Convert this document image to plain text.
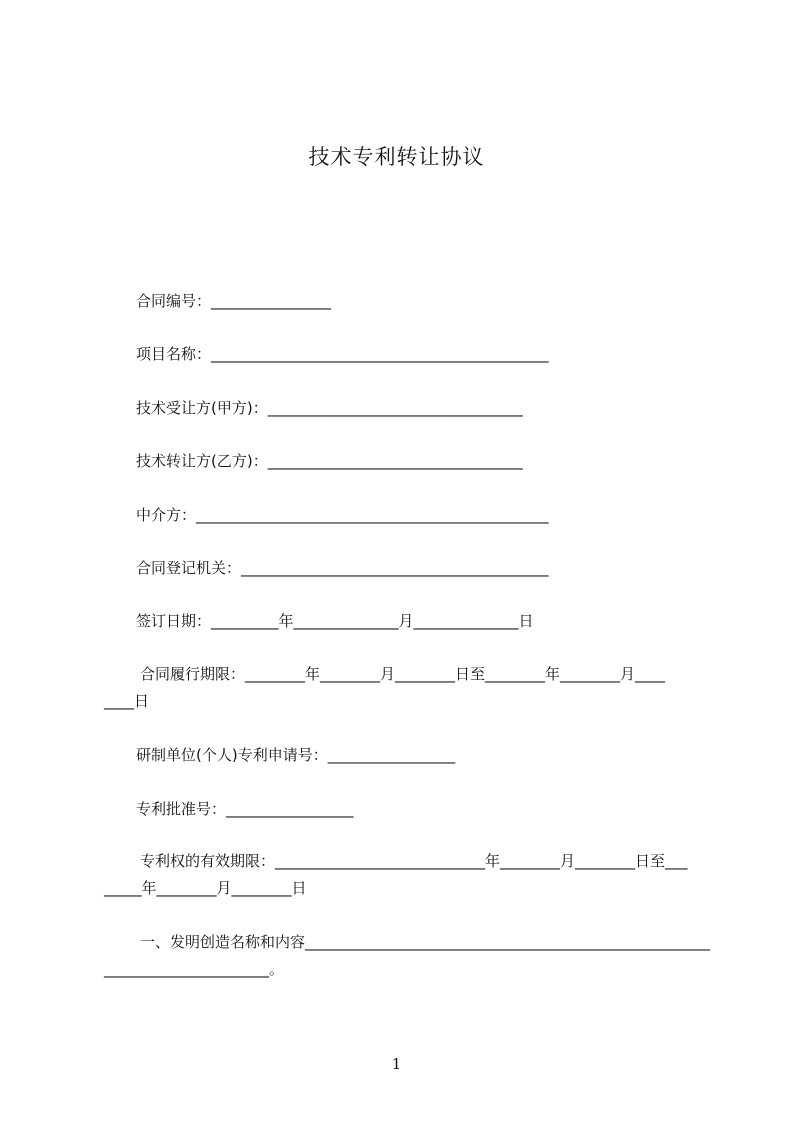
技术专利转让协议
合同编号：________________
项目名称：_____________________________________________
技术受让方(甲方)：__________________________________
技术转让方(乙方)：__________________________________
中介方：_______________________________________________
合同登记机关：_________________________________________
签订日期：_________年______________月______________日
合同履行期限：________年________月________日至________年________月____
____日
研制单位(个人)专利申请号：_________________
专利批准号：_________________
专利权的有效期限：____________________________年________月________日至___
_____年________月________日
一、发明创造名称和内容______________________________________________________
______________________。
1
